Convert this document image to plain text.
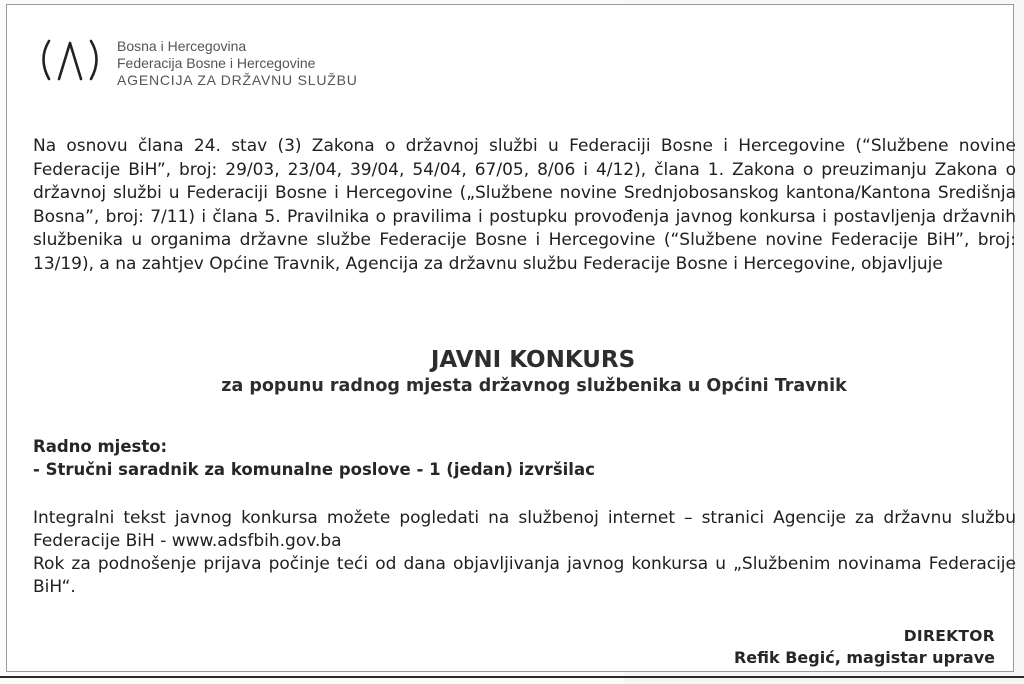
Bosna i Hercegovina
Federacija Bosne i Hercegovine
AGENCIJA ZA DRŽAVNU SLUŽBU
Na osnovu člana 24. stav (3) Zakona o državnoj službi u Federaciji Bosne i Hercegovine (“Službene novine Federacije BiH”, broj: 29/03, 23/04, 39/04, 54/04, 67/05, 8/06 i 4/12), člana 1. Zakona o preuzimanju Zakona o državnoj službi u Federaciji Bosne i Hercegovine („Službene novine Srednjobosanskog kantona/Kantona Središnja Bosna”, broj: 7/11) i člana 5. Pravilnika o pravilima i postupku provođenja javnog konkursa i postavljenja državnih službenika u organima državne službe Federacije Bosne i Hercegovine (“Službene novine Federacije BiH”, broj: 13/19), a na zahtjev Općine Travnik, Agencija za državnu službu Federacije Bosne i Hercegovine, objavljuje
JAVNI KONKURS
za popunu radnog mjesta državnog službenika u Općini Travnik
Radno mjesto:
- Stručni saradnik za komunalne poslove - 1 (jedan) izvršilac

Integralni tekst javnog konkursa možete pogledati na službenoj internet – stranici Agencije za državnu službu Federacije BiH - www.adsfbih.gov.ba

Rok za podnošenje prijava počinje teći od dana objavljivanja javnog konkursa u „Službenim novinama Federacije BiH“.

DIREKTOR
Refik Begić, magistar uprave
